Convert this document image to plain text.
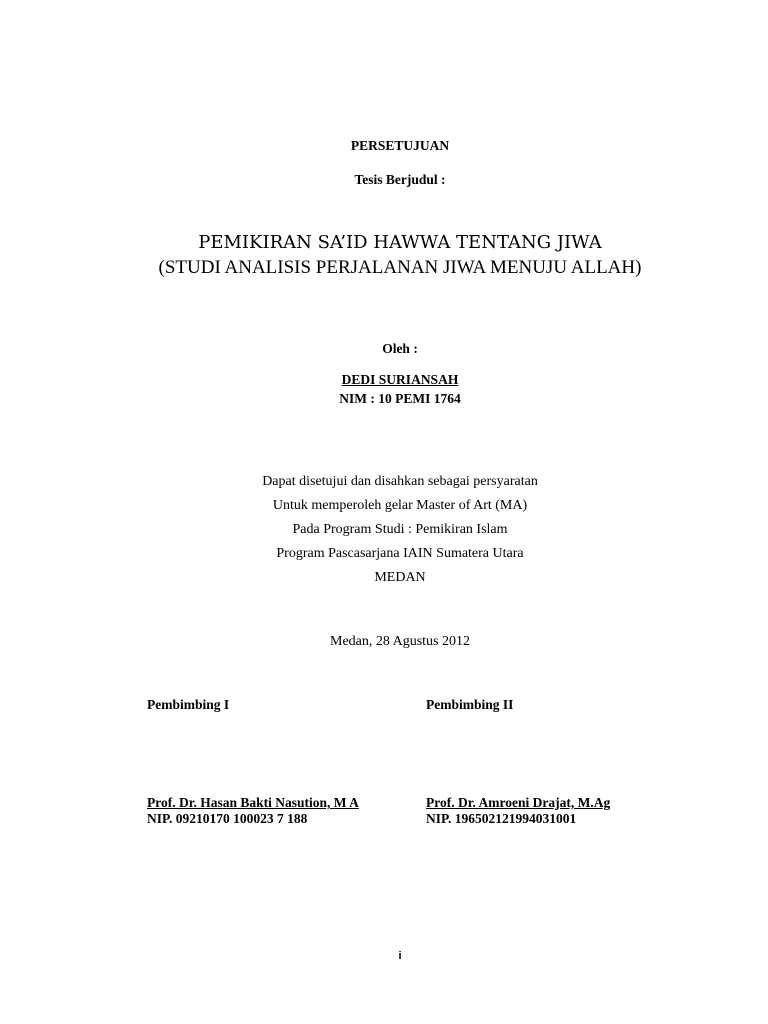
PERSETUJUAN
Tesis Berjudul :
PEMIKIRAN SA’ID HAWWA TENTANG JIWA
(STUDI ANALISIS PERJALANAN JIWA MENUJU ALLAH)
Oleh :
DEDI SURIANSAH
NIM : 10 PEMI 1764
Dapat disetujui dan disahkan sebagai persyaratan
Untuk memperoleh gelar Master of Art (MA)
Pada Program Studi : Pemikiran Islam
Program Pascasarjana IAIN Sumatera Utara
MEDAN
Medan, 28 Agustus 2012
Pembimbing I	Pembimbing II
Prof. Dr. Hasan Bakti Nasution, M A
NIP. 09210170 100023 7 188
Prof. Dr. Amroeni Drajat, M.Ag
NIP. 196502121994031001
i
